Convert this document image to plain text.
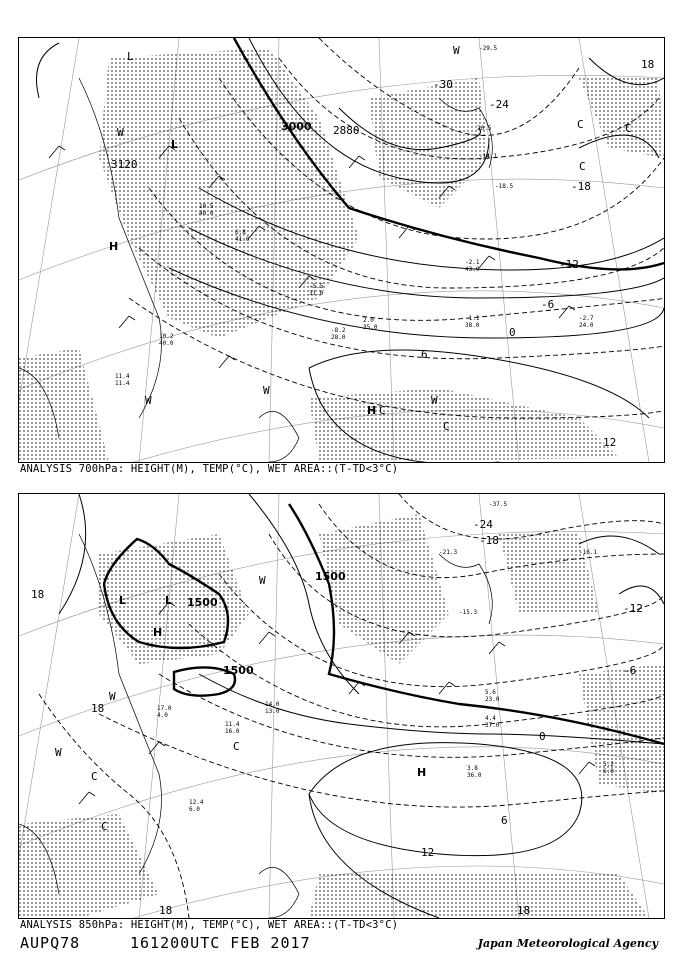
3000 2880
3120
-30
-24
-18
-12
-6
0
6
12
18
L
H
H
L
W
C
W
C
C
W
W
C
W
C
10.2 40.0
11.4 11.4
2.0 35.0
-2.1 43.0
-1.1 38.0
-2.7 24.0
6.8 41.0
10.5 40.0
-5.5 31.0
-8.2 28.0
-14.1
-18.5
20.5
-29.5
ANALYSIS 700hPa: HEIGHT(M), TEMP(°C), WET AREA::(T-TD<3°C)
1500
1500
1500
-24
-18
-12
-6
0
6
12
18
18
18	18
L	L
H
H
W
W
C
C
W
C
5.6 23.0
4.4 37.0
3.8 36.0
5.2 6.0
11.4 16.0
12.4 6.0
17.0 4.0
14.0 13.0
-21.3	-16.1
-15.3
-37.5
ANALYSIS 850hPa: HEIGHT(M), TEMP(°C), WET AREA::(T-TD<3°C)
AUPQ78	161200UTC FEB 2017	Japan Meteorological Agency
